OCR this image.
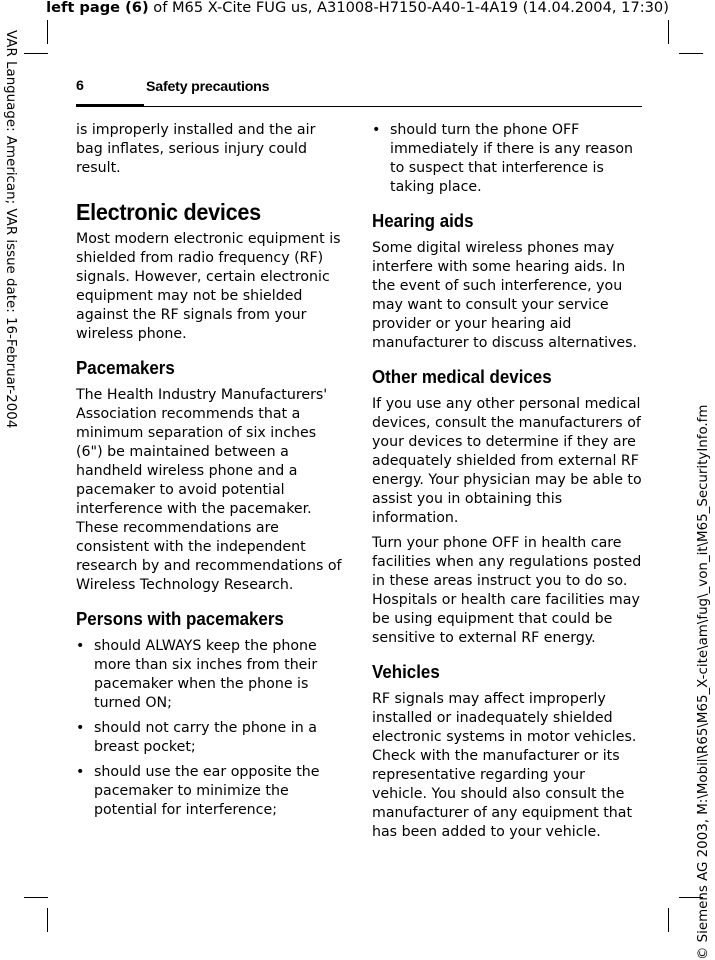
left page (6) of M65 X-Cite FUG us, A31008-H7150-A40-1-4A19 (14.04.2004, 17:30)
VAR Language: American; VAR issue date: 16-Februar-2004
© Siemens AG 2003, M:\Mobil\R65\M65_X-cite\am\fug\_von_it\M65_SecurityInfo.fm
6	Safety precautions

is improperly installed and the air bag inflates, serious injury could result.

Electronic devices

Most modern electronic equipment is shielded from radio frequency (RF) signals. However, certain electronic equipment may not be shielded against the RF signals from your wireless phone.

Pacemakers

The Health Industry Manufacturers' Association recommends that a minimum separation of six inches (6") be maintained between a handheld wireless phone and a pacemaker to avoid potential interference with the pacemaker. These recommendations are consistent with the independent research by and recommendations of Wireless Technology Research.

Persons with pacemakers
• should ALWAYS keep the phone more than six inches from their pacemaker when the phone is turned ON;
• should not carry the phone in a breast pocket;
• should use the ear opposite the pacemaker to minimize the potential for interference;
• should turn the phone OFF immediately if there is any reason to suspect that interference is taking place.
Hearing aids

Some digital wireless phones may interfere with some hearing aids. In the event of such interference, you may want to consult your service provider or your hearing aid manufacturer to discuss alternatives.

Other medical devices

If you use any other personal medical devices, consult the manufacturers of your devices to determine if they are adequately shielded from external RF energy. Your physician may be able to assist you in obtaining this information.

Turn your phone OFF in health care facilities when any regulations posted in these areas instruct you to do so. Hospitals or health care facilities may be using equipment that could be sensitive to external RF energy.

Vehicles

RF signals may affect improperly installed or inadequately shielded electronic systems in motor vehicles. Check with the manufacturer or its representative regarding your vehicle. You should also consult the manufacturer of any equipment that has been added to your vehicle.
